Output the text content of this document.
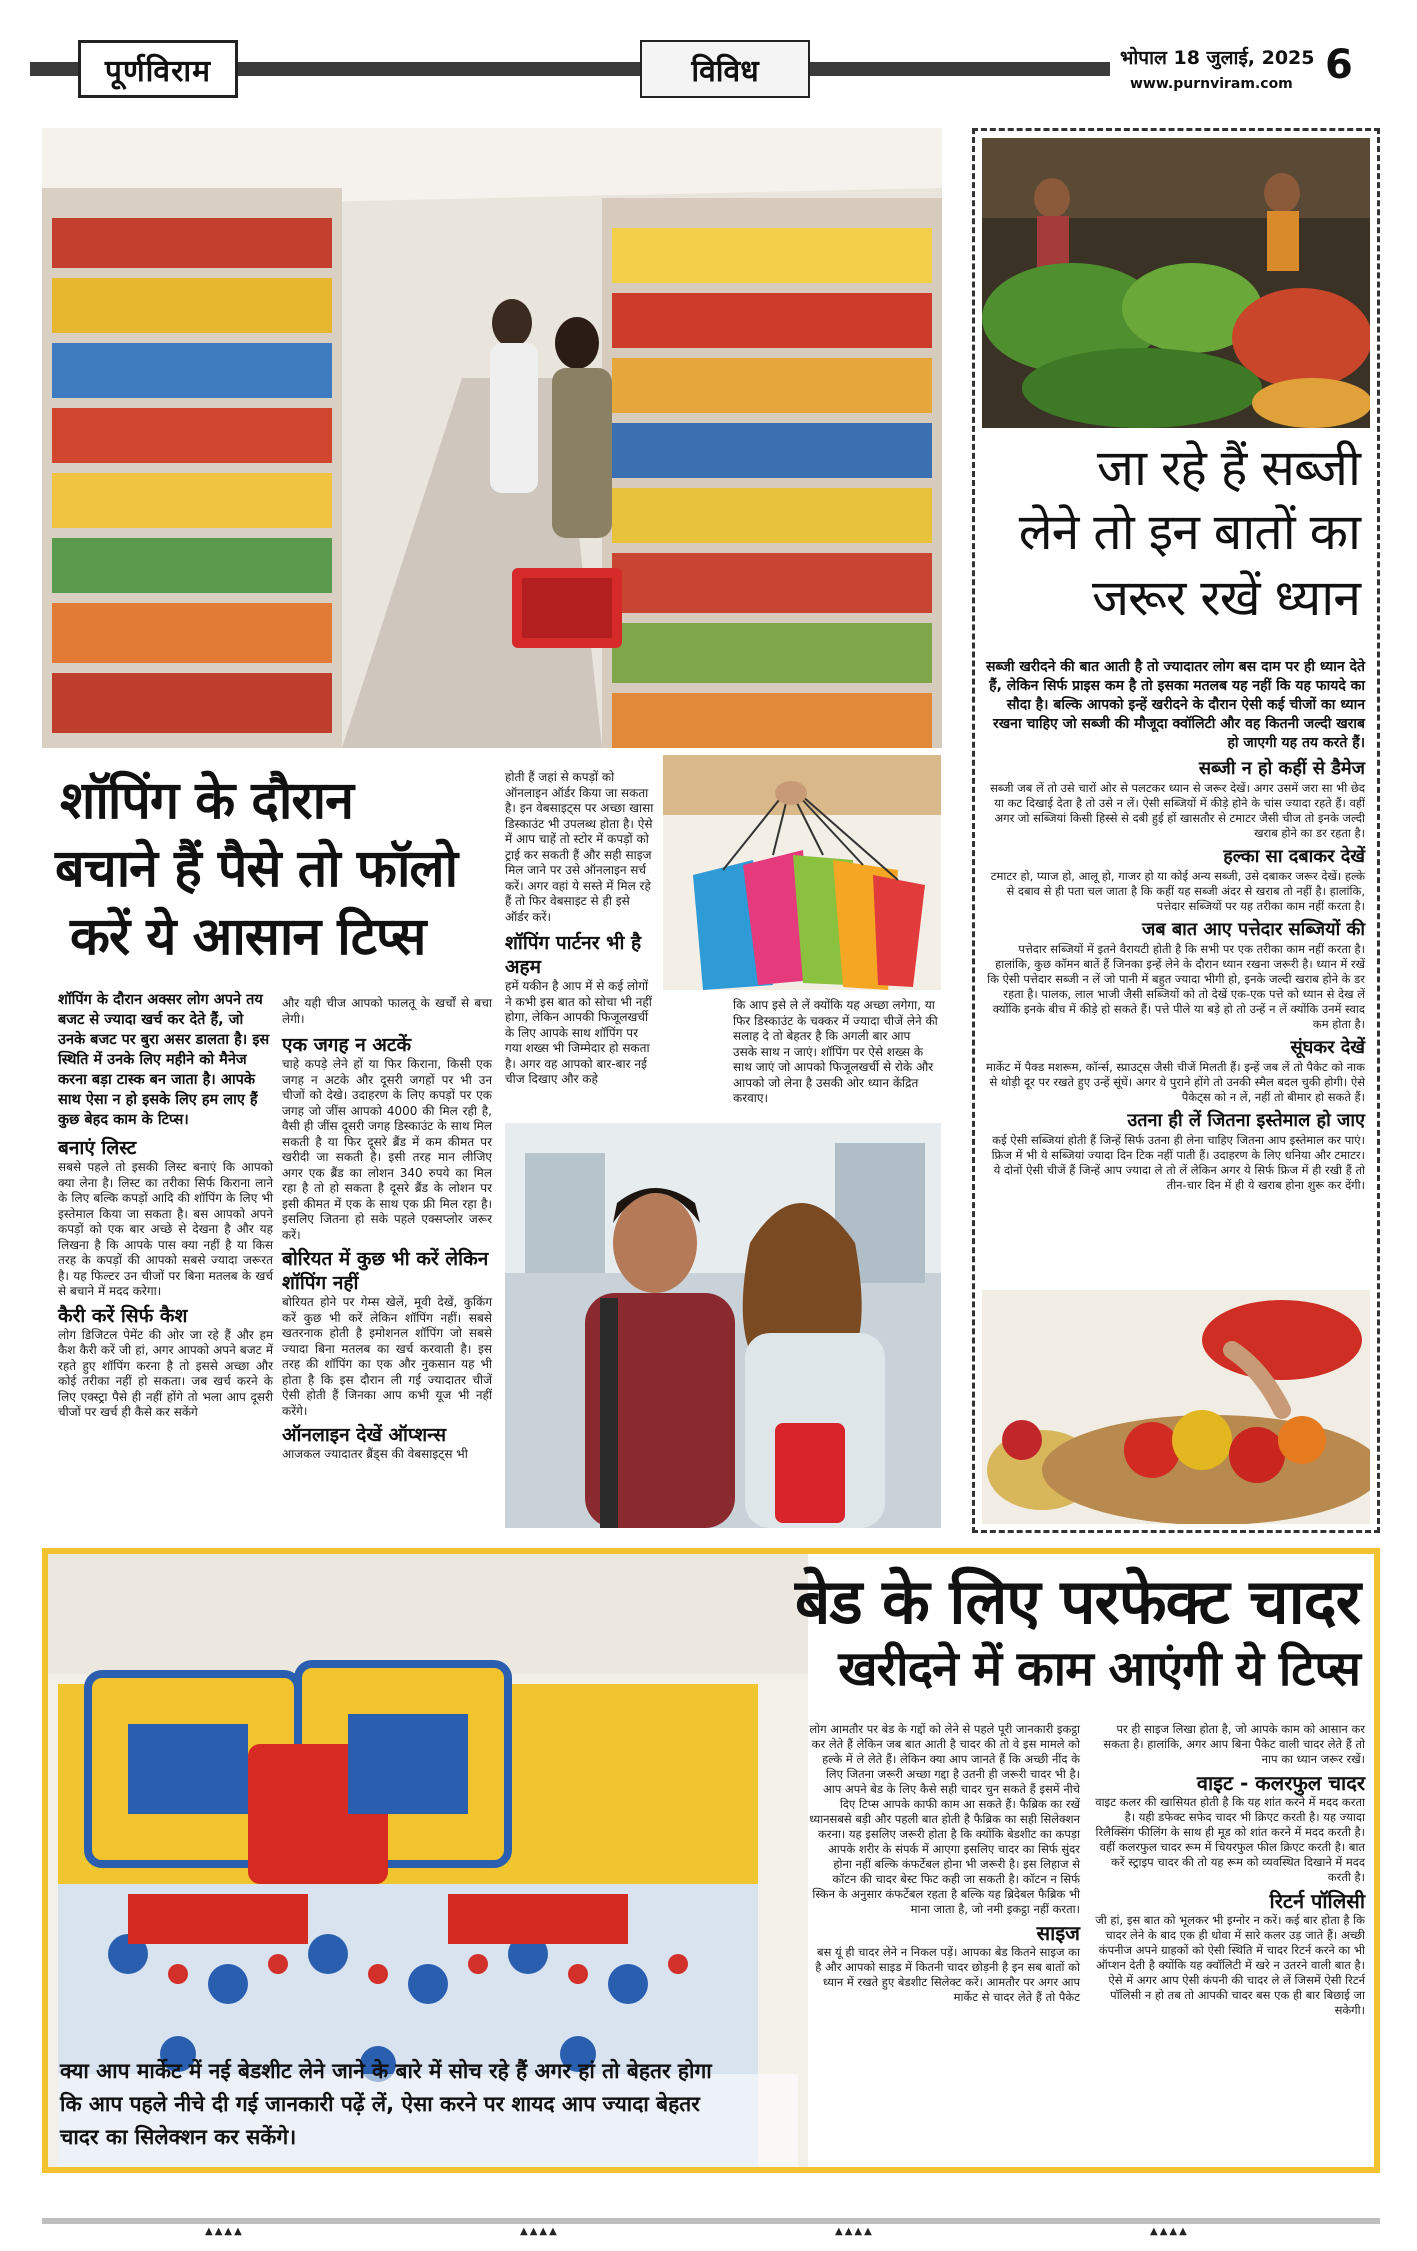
पूर्णविराम	विविध	भोपाल 18 जुलाई, 2025
www.purnviram.com 6
शॉपिंग के दौरान
बचाने हैं पैसे तो फॉलो
करें ये आसान टिप्स

शॉपिंग के दौरान अक्सर लोग अपने तय बजट से ज्यादा खर्च कर देते हैं, जो उनके बजट पर बुरा असर डालता है। इस स्थिति में उनके लिए महीने को मैनेज करना बड़ा टास्क बन जाता है। आपके साथ ऐसा न हो इसके लिए हम लाए हैं कुछ बेहद काम के टिप्स।

बनाएं लिस्ट

सबसे पहले तो इसकी लिस्ट बनाएं कि आपको क्या लेना है। लिस्ट का तरीका सिर्फ किराना लाने के लिए बल्कि कपड़ों आदि की शॉपिंग के लिए भी इस्तेमाल किया जा सकता है। बस आपको अपने कपड़ों को एक बार अच्छे से देखना है और यह लिखना है कि आपके पास क्या नहीं है या किस तरह के कपड़ों की आपको सबसे ज्यादा जरूरत है। यह फिल्टर उन चीजों पर बिना मतलब के खर्च से बचाने में मदद करेगा।

कैरी करें सिर्फ कैश

लोग डिजिटल पेमेंट की ओर जा रहे हैं और हम कैश कैरी करें जी हां, अगर आपको अपने बजट में रहते हुए शॉपिंग करना है तो इससे अच्छा और कोई तरीका नहीं हो सकता। जब खर्च करने के लिए एक्स्ट्रा पैसे ही नहीं होंगे तो भला आप दूसरी चीजों पर खर्च ही कैसे कर सकेंगे

और यही चीज आपको फालतू के खर्चों से बचा लेगी।

एक जगह न अटकें

चाहे कपड़े लेने हों या फिर किराना, किसी एक जगह न अटके और दूसरी जगहों पर भी उन चीजों को देखे। उदाहरण के लिए कपड़ों पर एक जगह जो जींस आपको 4000 की मिल रही है, वैसी ही जींस दूसरी जगह डिस्काउंट के साथ मिल सकती है या फिर दूसरे ब्रैंड में कम कीमत पर खरीदी जा सकती है। इसी तरह मान लीजिए अगर एक ब्रैंड का लोशन 340 रुपये का मिल रहा है तो हो सकता है दूसरे ब्रैंड के लोशन पर इसी कीमत में एक के साथ एक फ्री मिल रहा है। इसलिए जितना हो सके पहले एक्सप्लोर जरूर करें।

बोरियत में कुछ भी करें लेकिन शॉपिंग नहीं

बोरियत होने पर गेम्स खेलें, मूवी देखें, कुकिंग करें कुछ भी करें लेकिन शॉपिंग नहीं। सबसे खतरनाक होती है इमोशनल शॉपिंग जो सबसे ज्यादा बिना मतलब का खर्च करवाती है। इस तरह की शॉपिंग का एक और नुकसान यह भी होता है कि इस दौरान ली गई ज्यादातर चीजें ऐसी होती हैं जिनका आप कभी यूज भी नहीं करेंगे।

ऑनलाइन देखें ऑप्शन्स

आजकल ज्यादातर ब्रैंड्स की वेबसाइट्स भी

होती हैं जहां से कपड़ों को ऑनलाइन ऑर्डर किया जा सकता है। इन वेबसाइट्स पर अच्छा खासा डिस्काउंट भी उपलब्ध होता है। ऐसे में आप चाहें तो स्टोर में कपड़ों को ट्राई कर सकती हैं और सही साइज मिल जाने पर उसे ऑनलाइन सर्च करें। अगर वहां ये सस्ते में मिल रहे हैं तो फिर वेबसाइट से ही इसे ऑर्डर करें।

शॉपिंग पार्टनर भी है अहम

हमें यकीन है आप में से कई लोगों ने कभी इस बात को सोचा भी नहीं होगा, लेकिन आपकी फिजूलखर्ची के लिए आपके साथ शॉपिंग पर गया शख्स भी जिम्मेदार हो सकता है। अगर वह आपको बार-बार नई चीज दिखाए और कहे

कि आप इसे ले लें क्योंकि यह अच्छा लगेगा, या फिर डिस्काउंट के चक्कर में ज्यादा चीजें लेने की सलाह दे तो बेहतर है कि अगली बार आप उसके साथ न जाएं। शॉपिंग पर ऐसे शख्स के साथ जाएं जो आपको फिजूलखर्ची से रोके और आपको जो लेना है उसकी ओर ध्यान केंद्रित करवाए।

जा रहे हैं सब्जी
लेने तो इन बातों का
जरूर रखें ध्यान

सब्जी खरीदने की बात आती है तो ज्यादातर लोग बस दाम पर ही ध्यान देते हैं, लेकिन सिर्फ प्राइस कम है तो इसका मतलब यह नहीं कि यह फायदे का सौदा है। बल्कि आपको इन्हें खरीदने के दौरान ऐसी कई चीजों का ध्यान रखना चाहिए जो सब्जी की मौजूदा क्वॉलिटी और वह कितनी जल्दी खराब हो जाएगी यह तय करते हैं।

सब्जी न हो कहीं से डैमेज

सब्जी जब लें तो उसे चारों ओर से पलटकर ध्यान से जरूर देखें। अगर उसमें जरा सा भी छेद या कट दिखाई देता है तो उसे न लें। ऐसी सब्जियों में कीड़े होने के चांस ज्यादा रहते हैं। वहीं अगर जो सब्जियां किसी हिस्से से दबी हुई हों खासतौर से टमाटर जैसी चीज तो इनके जल्दी खराब होने का डर रहता है।

हल्का सा दबाकर देखें

टमाटर हो, प्याज हो, आलू हो, गाजर हो या कोई अन्य सब्जी, उसे दबाकर जरूर देखें। हल्के से दबाव से ही पता चल जाता है कि कहीं यह सब्जी अंदर से खराब तो नहीं है। हालांकि, पत्तेदार सब्जियों पर यह तरीका काम नहीं करता है।

जब बात आए पत्तेदार सब्जियों की

पत्तेदार सब्जियों में इतने वैरायटी होती है कि सभी पर एक तरीका काम नहीं करता है। हालांकि, कुछ कॉमन बातें हैं जिनका इन्हें लेने के दौरान ध्यान रखना जरूरी है। ध्यान में रखें कि ऐसी पत्तेदार सब्जी न लें जो पानी में बहुत ज्यादा भीगी हो, इनके जल्दी खराब होने के डर रहता है। पालक, लाल भाजी जैसी सब्जियों को तो देखें एक-एक पत्ते को ध्यान से देख लें क्योंकि इनके बीच में कीड़े हो सकते हैं। पत्ते पीले या बड़े हो तो उन्हें न लें क्योंकि उनमें स्वाद कम होता है।

सूंघकर देखें

मार्केट में पैक्ड मशरूम, कॉर्न्स, स्प्राउट्स जैसी चीजें मिलती हैं। इन्हें जब लें तो पैकेट को नाक से थोड़ी दूर पर रखते हुए उन्हें सूंघें। अगर ये पुराने होंगे तो उनकी स्मैल बदल चुकी होगी। ऐसे पैकेट्स को न लें, नहीं तो बीमार हो सकते हैं।

उतना ही लें जितना इस्तेमाल हो जाए

कई ऐसी सब्जियां होती हैं जिन्हें सिर्फ उतना ही लेना चाहिए जितना आप इस्तेमाल कर पाएं। फ्रिज में भी ये सब्जियां ज्यादा दिन टिक नहीं पाती हैं। उदाहरण के लिए धनिया और टमाटर। ये दोनों ऐसी चीजें हैं जिन्हें आप ज्यादा ले तो लें लेकिन अगर ये सिर्फ फ्रिज में ही रखी हैं तो तीन-चार दिन में ही ये खराब होना शुरू कर देंगी।

बेड के लिए परफेक्ट चादर
खरीदने में काम आएंगी ये टिप्स
क्या आप मार्केट में नई बेडशीट लेने जाने के बारे में सोच रहे हैं अगर हां तो बेहतर होगा कि आप पहले नीचे दी गई जानकारी पढ़ें लें, ऐसा करने पर शायद आप ज्यादा बेहतर चादर का सिलेक्शन कर सकेंगे।

लोग आमतौर पर बेड के गद्दों को लेने से पहले पूरी जानकारी इकट्ठा कर लेते हैं लेकिन जब बात आती है चादर की तो वे इस मामले को हल्के में ले लेते हैं। लेकिन क्या आप जानते हैं कि अच्छी नींद के लिए जितना जरूरी अच्छा गद्दा है उतनी ही जरूरी चादर भी है। आप अपने बेड के लिए कैसे सही चादर चुन सकते हैं इसमें नीचे दिए टिप्स आपके काफी काम आ सकते हैं। फैब्रिक का रखें ध्यानसबसे बड़ी और पहली बात होती है फैब्रिक का सही सिलेक्शन करना। यह इसलिए जरूरी होता है कि क्योंकि बेडशीट का कपड़ा आपके शरीर के संपर्क में आएगा इसलिए चादर का सिर्फ सुंदर होना नहीं बल्कि कंफर्टेबल होना भी जरूरी है। इस लिहाज से कॉटन की चादर बेस्ट फिट कही जा सकती है। कॉटन न सिर्फ स्किन के अनुसार कंफर्टेबल रहता है बल्कि यह ब्रिदेबल फैब्रिक भी माना जाता है, जो नमी इकट्ठा नहीं करता।

साइज

बस यूं ही चादर लेने न निकल पड़ें। आपका बेड कितने साइज का है और आपको साइड में कितनी चादर छोड़नी है इन सब बातों को ध्यान में रखते हुए बेडशीट सिलेक्ट करें। आमतौर पर अगर आप मार्केट से चादर लेते हैं तो पैकेट

पर ही साइज लिखा होता है, जो आपके काम को आसान कर सकता है। हालांकि, अगर आप बिना पैकेट वाली चादर लेते हैं तो नाप का ध्यान जरूर रखें।

वाइट - कलरफुल चादर

वाइट कलर की खासियत होती है कि यह शांत करने में मदद करता है। यही डफेक्ट सफेद चादर भी क्रिएट करती है। यह ज्यादा रिलैक्सिंग फीलिंग के साथ ही मूड को शांत करने में मदद करती है। वहीं कलरफुल चादर रूम में चियरफुल फील क्रिएट करती है। बात करें स्ट्राइप चादर की तो यह रूम को व्यवस्थित दिखाने में मदद करती है।

रिटर्न पॉलिसी

जी हां, इस बात को भूलकर भी इग्नोर न करें। कई बार होता है कि चादर लेने के बाद एक ही धोवा में सारे कलर उड़ जाते हैं। अच्छी कंपनीज अपने ग्राहकों को ऐसी स्थिति में चादर रिटर्न करने का भी ऑप्शन देती है क्योंकि यह क्वॉलिटी में खरे न उतरने वाली बात है। ऐसे में अगर आप ऐसी कंपनी की चादर ले लें जिसमें ऐसी रिटर्न पॉलिसी न हो तब तो आपकी चादर बस एक ही बार बिछाई जा सकेगी।

▲▲▲▲	▲▲▲▲	▲▲▲▲	▲▲▲▲
